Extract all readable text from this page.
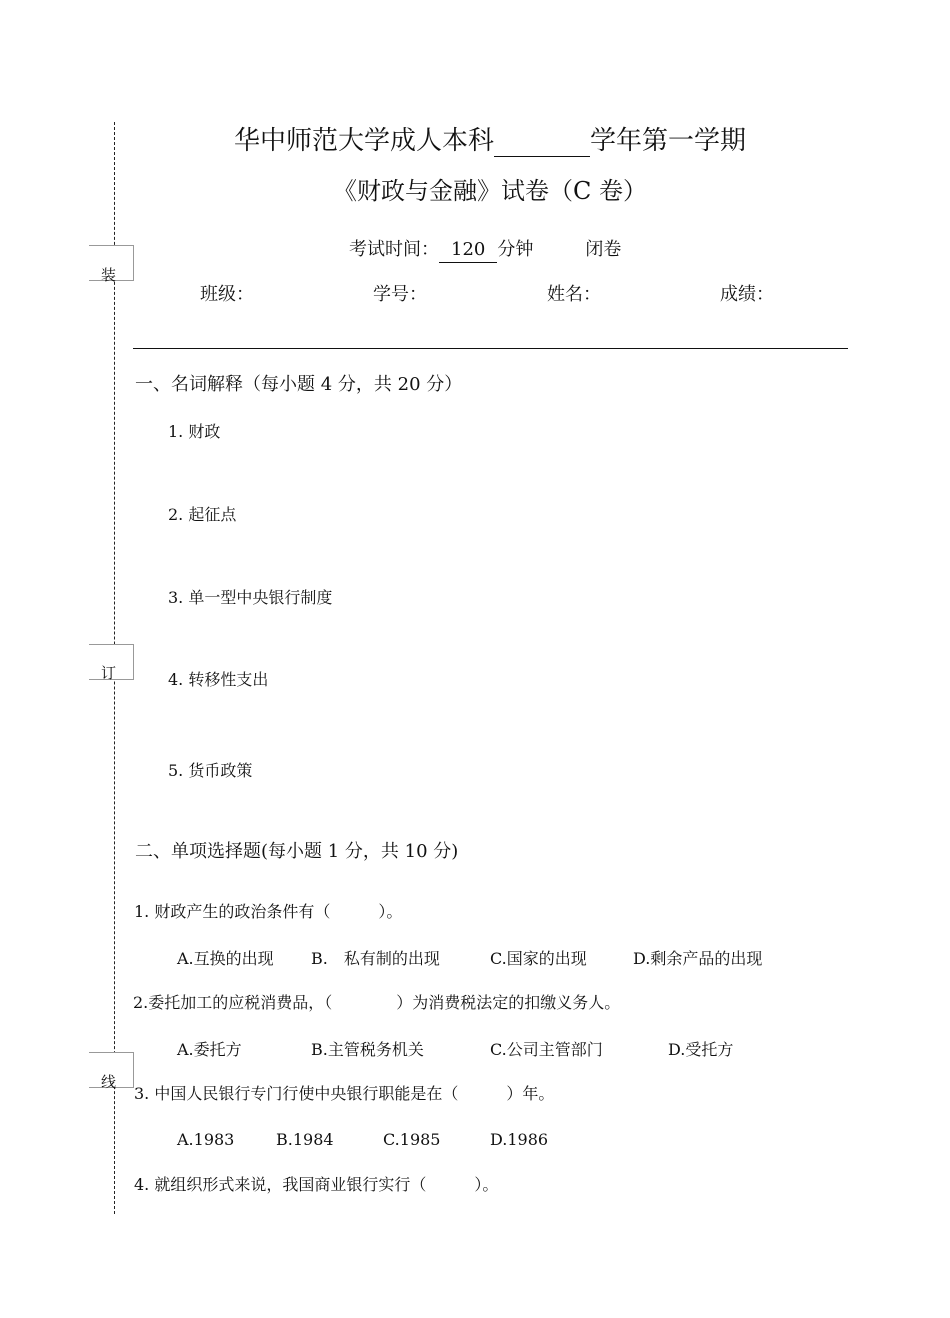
装
订
线
华中师范大学成人本科	学年第一学期
《财政与金融》试卷（C 卷）
考试时间： 120 分钟	闭卷
班级：	学号：	姓名：	成绩：
一、名词解释（每小题 4 分，共 20 分）
1. 财政
2. 起征点
3. 单一型中央银行制度
4. 转移性支出
5. 货币政策
二、单项选择题(每小题 1 分，共 10 分)
1. 财政产生的政治条件有（　　　）。
A.互换的出现 B.　私有制的出现	C.国家的出现	D.剩余产品的出现
2.委托加工的应税消费品，（　　　　）为消费税法定的扣缴义务人。
A.委托方	B.主管税务机关	C.公司主管部门	D.受托方
3. 中国人民银行专门行使中央银行职能是在（　　　）年。
A.1983	B.1984	C.1985	D.1986
4. 就组织形式来说，我国商业银行实行（　　　）。
